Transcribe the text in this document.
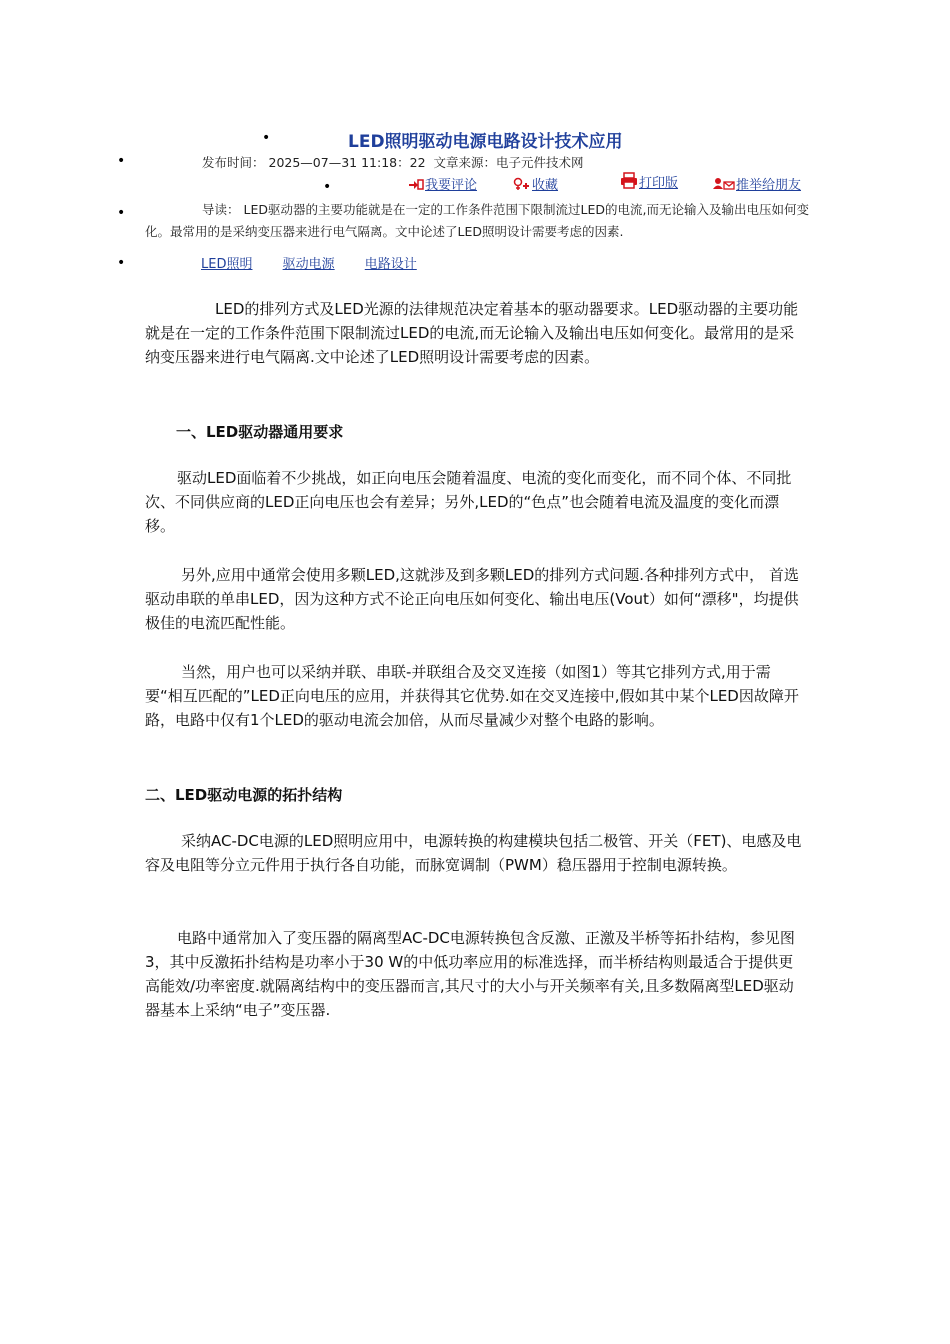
•	LED照明驱动电源电路设计技术应用
•	发布时间： 2025—07—31 11:18：22 文章来源：电子元件技术网
•	我要评论	收藏	打印版	推举给朋友
•	导读： LED驱动器的主要功能就是在一定的工作条件范围下限制流过LED的电流,而无论输入及输出电压如何变化。最常用的是采纳变压器来进行电气隔离。文中论述了LED照明设计需要考虑的因素.
•	LED照明 驱动电源 电路设计
LED的排列方式及LED光源的法律规范决定着基本的驱动器要求。LED驱动器的主要功能就是在一定的工作条件范围下限制流过LED的电流,而无论输入及输出电压如何变化。最常用的是采纳变压器来进行电气隔离.文中论述了LED照明设计需要考虑的因素。
一、LED驱动器通用要求
驱动LED面临着不少挑战，如正向电压会随着温度、电流的变化而变化，而不同个体、不同批次、不同供应商的LED正向电压也会有差异；另外,LED的“色点”也会随着电流及温度的变化而漂移。
另外,应用中通常会使用多颗LED,这就涉及到多颗LED的排列方式问题.各种排列方式中， 首选驱动串联的单串LED，因为这种方式不论正向电压如何变化、输出电压(Vout）如何“漂移"，均提供极佳的电流匹配性能。
当然，用户也可以采纳并联、串联-并联组合及交叉连接（如图1）等其它排列方式,用于需要“相互匹配的”LED正向电压的应用，并获得其它优势.如在交叉连接中,假如其中某个LED因故障开路，电路中仅有1个LED的驱动电流会加倍，从而尽量减少对整个电路的影响。
二、LED驱动电源的拓扑结构
采纳AC-DC电源的LED照明应用中，电源转换的构建模块包括二极管、开关（FET)、电感及电容及电阻等分立元件用于执行各自功能，而脉宽调制（PWM）稳压器用于控制电源转换。
电路中通常加入了变压器的隔离型AC-DC电源转换包含反激、正激及半桥等拓扑结构，参见图3，其中反激拓扑结构是功率小于30 W的中低功率应用的标准选择，而半桥结构则最适合于提供更高能效/功率密度.就隔离结构中的变压器而言,其尺寸的大小与开关频率有关,且多数隔离型LED驱动器基本上采纳“电子”变压器.
